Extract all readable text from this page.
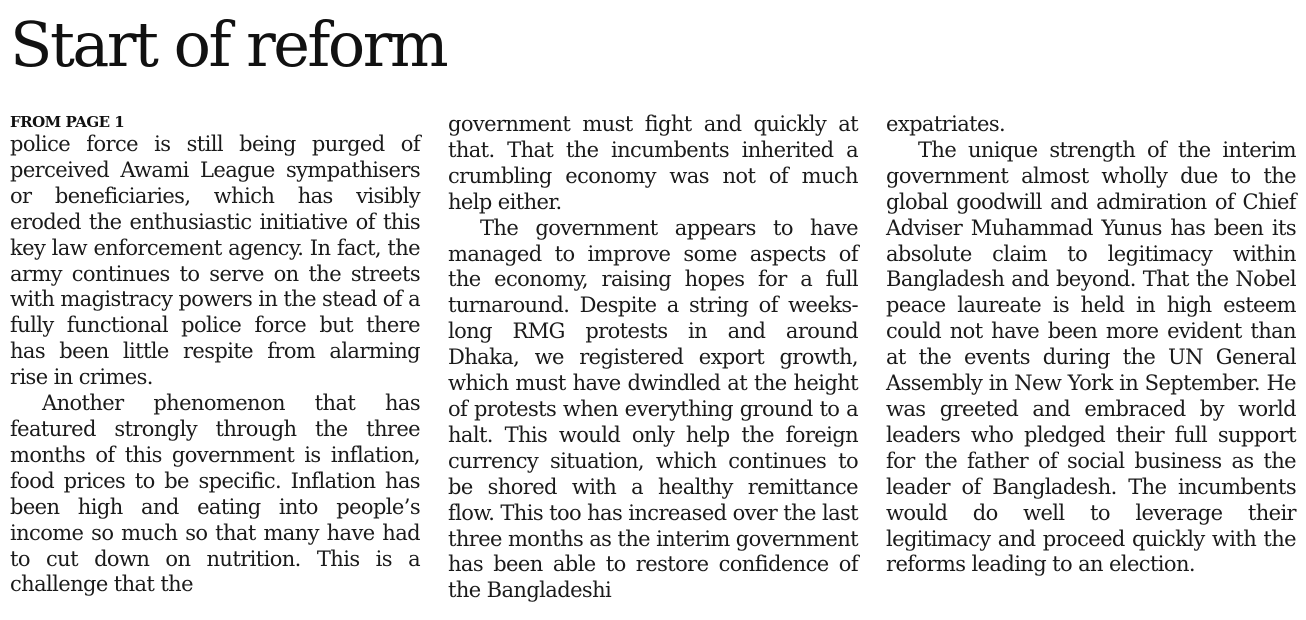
Start of reform
FROM PAGE 1

police force is still being purged of perceived Awami League sympathisers or beneficiaries, which has visibly eroded the enthusiastic initiative of this key law enforcement agency. In fact, the army continues to serve on the streets with magistracy powers in the stead of a fully functional police force but there has been little respite from alarming rise in crimes.

Another phenomenon that has featured strongly through the three months of this government is inflation, food prices to be specific. Inflation has been high and eating into people’s income so much so that many have had to cut down on nutrition. This is a challenge that the

government must fight and quickly at that. That the incumbents inherited a crumbling economy was not of much help either.

The government appears to have managed to improve some aspects of the economy, raising hopes for a full turnaround. Despite a string of weeks-long RMG protests in and around Dhaka, we registered export growth, which must have dwindled at the height of protests when everything ground to a halt. This would only help the foreign currency situation, which continues to be shored with a healthy remittance flow. This too has increased over the last three months as the interim government has been able to restore confidence of the Bangladeshi

expatriates.

The unique strength of the interim government almost wholly due to the global goodwill and admiration of Chief Adviser Muhammad Yunus has been its absolute claim to legitimacy within Bangladesh and beyond. That the Nobel peace laureate is held in high esteem could not have been more evident than at the events during the UN General Assembly in New York in September. He was greeted and embraced by world leaders who pledged their full support for the father of social business as the leader of Bangladesh. The incumbents would do well to leverage their legitimacy and proceed quickly with the reforms leading to an election.
